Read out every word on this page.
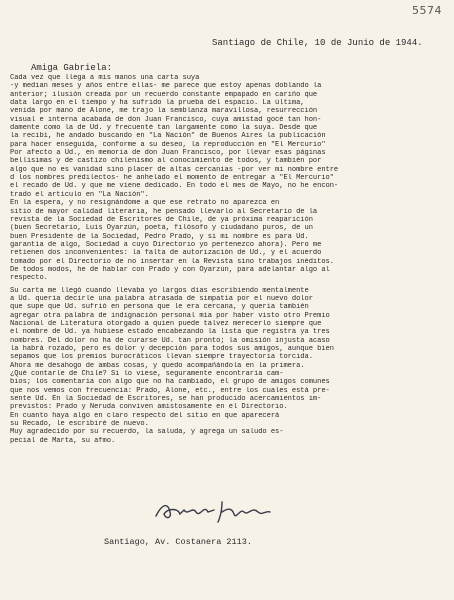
5574
Santiago de Chile, 10 de Junio de 1944.
Amiga Gabriela:
Cada vez que llega a mis manos una carta suya
-y median meses y años entre ellas- me parece que estoy apenas doblando la
anterior; ilusión creada por un recuerdo constante empapado en cariño que
data largo en el tiempo y ha sufrido la prueba del espacio. La última,
venida por mano de Alone, me trajo la semblanza maravillosa, resurrección
visual e interna acabada de don Juan Francisco, cuya amistad gocé tan hon-
damente como la de Ud. y frecuenté tan largamente como la suya. Desde que
la recibí, he andado buscando en "La Nación" de Buenos Aires la publicación
para hacer enseguida, conforme a su deseo, la reproducción en "El Mercurio"
Por afecto a Ud., en memoria de don Juan Francisco, por llevar esas páginas
bellísimas y de castizo chilenismo al conocimiento de todos, y también por
algo que no es vanidad sino placer de altas cercanías -por ver mi nombre entre
d los nombres predilectos- he anhelado el momento de entregar a "El Mercurio"
el recado de Ud. y que me viene dedicado. En todo el mes de Mayo, no he encon-
trado el artículo en "La Nación".
En la espera, y no resignándome a que ese retrato no aparezca en
sitio de mayor calidad literaria, he pensado llevarlo al Secretario de la
revista de la Sociedad de Escritores de Chile, de ya próxima reaparición
(buen Secretario, Luis Oyarzún, poeta, filósofo y ciudadano puros, de un
buen Presidente de la Sociedad, Pedro Prado, y si mi nombre es para Ud.
garantía de algo, Sociedad a cuyo Directorio yo pertenezco ahora). Pero me
retienen dos inconvenientes: la falta de autorización de Ud., y el acuerdo
tomado por el Directorio de no insertar en la Revista sino trabajos inéditos.
De todos modos, he de hablar con Prado y con Oyarzún, para adelantar algo al
respecto.
Su carta me llegó cuando llevaba yo largos días escribiendo mentalmente
a Ud. quería decirle una palabra atrasada de simpatía por el nuevo dolor
que supe que Ud. sufrió en persona que le era cercana, y quería también
agregar otra palabra de indignación personal mía por haber visto otro Premio
Nacional de Literatura otorgado a quien puede talvez merecerlo siempre que
el nombre de Ud. ya hubiese estado encabezando la lista que registra ya tres
nombres. Del dolor no ha de curarse Ud. tan pronto; la omisión injusta acaso
la habrá rozado, pero es dolor y decepción para todos sus amigos, aunque bien
sepamos que los premios burocráticos llevan siempre trayectoria torcida.
Ahora me desahogo de ambas cosas, y quedo acompañándola en la primera.
¿Qué contarle de Chile? Si lo viese, seguramente encontraría cam-
bios; los comentaría con algo que no ha cambiado, el grupo de amigos comunes
que nos vemos con frecuencia: Prado, Alone, etc., entre los cuales está pre-
sente Ud. En la Sociedad de Escritores, se han producido acercamientos im-
previstos: Prado y Neruda conviven amistosamente en el Directorio.
En cuanto haya algo en claro respecto del sitio en que aparecerá
su Recado, le escribiré de nuevo.
Muy agradecido por su recuerdo, la saluda, y agrega un saludo es-
pecial de Marta, su afmo.
Santiago, Av. Costanera 2113.
